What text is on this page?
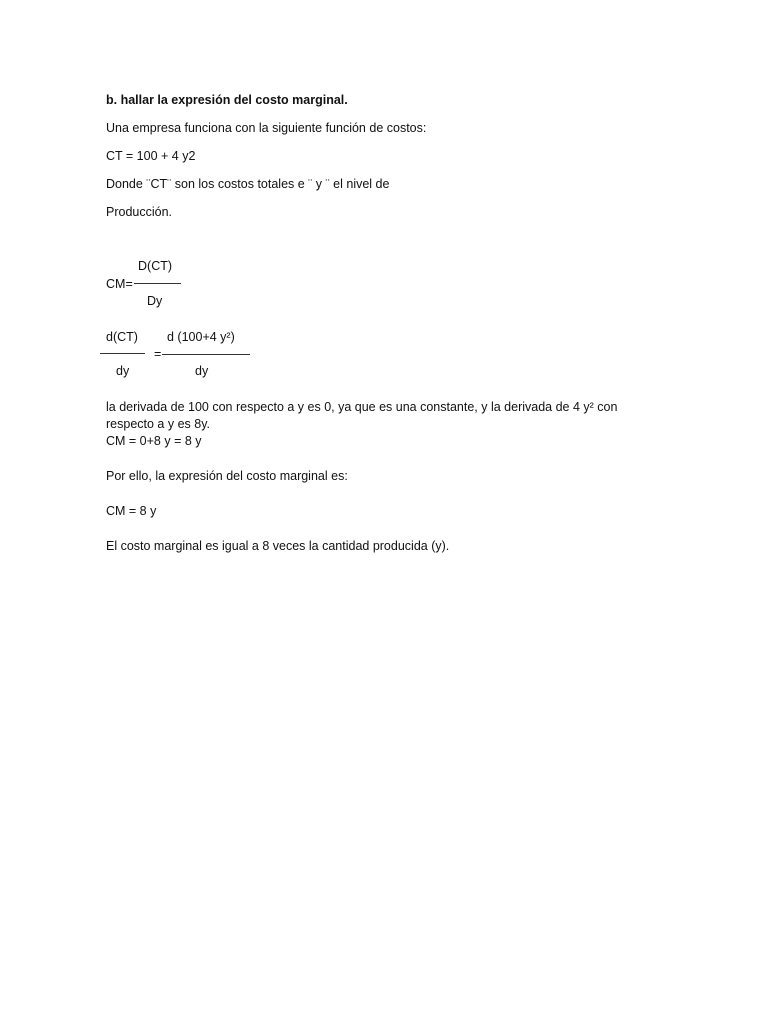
b. hallar la expresión del costo marginal.
Una empresa funciona con la siguiente función de costos:
CT = 100 + 4 y2
Donde ¨CT¨ son los costos totales e ¨ y ¨ el nivel de
Producción.
D(CT)
CM=
Dy
d(CT) d (100+4 y²)
=
dy	dy
la derivada de 100 con respecto a y es 0, ya que es una constante, y la derivada de 4 y² con
respecto a y es 8y.
CM = 0+8 y = 8 y
Por ello, la expresión del costo marginal es:
CM = 8 y
El costo marginal es igual a 8 veces la cantidad producida (y).
